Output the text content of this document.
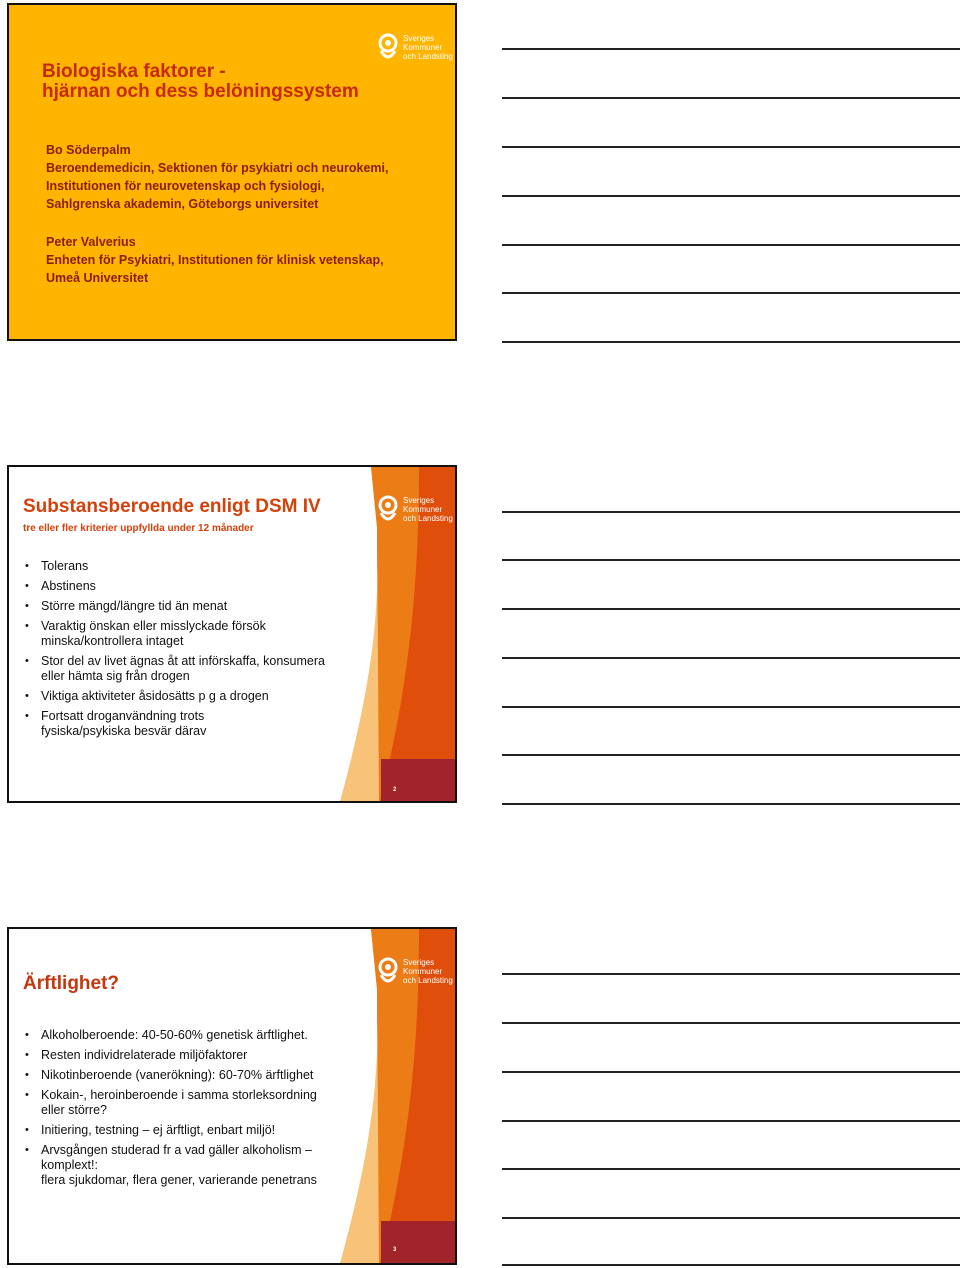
Sveriges
Kommuner
och Landsting
Biologiska faktorer -
hjärnan och dess belöningssystem
Bo Söderpalm
Beroendemedicin, Sektionen för psykiatri och neurokemi,
Institutionen för neurovetenskap och fysiologi,
Sahlgrenska akademin, Göteborgs universitet
Peter Valverius
Enheten för Psykiatri, Institutionen för klinisk vetenskap,
Umeå Universitet
Sveriges
Kommuner
och Landsting
Substansberoende enligt DSM IV
tre eller fler kriterier uppfyllda under 12 månader
• Tolerans
• Abstinens
• Större mängd/längre tid än menat
• Varaktig önskan eller misslyckade försök
minska/kontrollera intaget
• Stor del av livet ägnas åt att införskaffa, konsumera
eller hämta sig från drogen
• Viktiga aktiviteter åsidosätts p g a drogen
• Fortsatt droganvändning trots
fysiska/psykiska besvär därav
2
Sveriges
Kommuner
och Landsting
Ärftlighet?
• Alkoholberoende: 40-50-60% genetisk ärftlighet.
• Resten individrelaterade miljöfaktorer
• Nikotinberoende (vanerökning): 60-70% ärftlighet
• Kokain-, heroinberoende i samma storleksordning
eller större?
• Initiering, testning – ej ärftligt, enbart miljö!
• Arvsgången studerad fr a vad gäller alkoholism –
komplext!:
flera sjukdomar, flera gener, varierande penetrans
3
